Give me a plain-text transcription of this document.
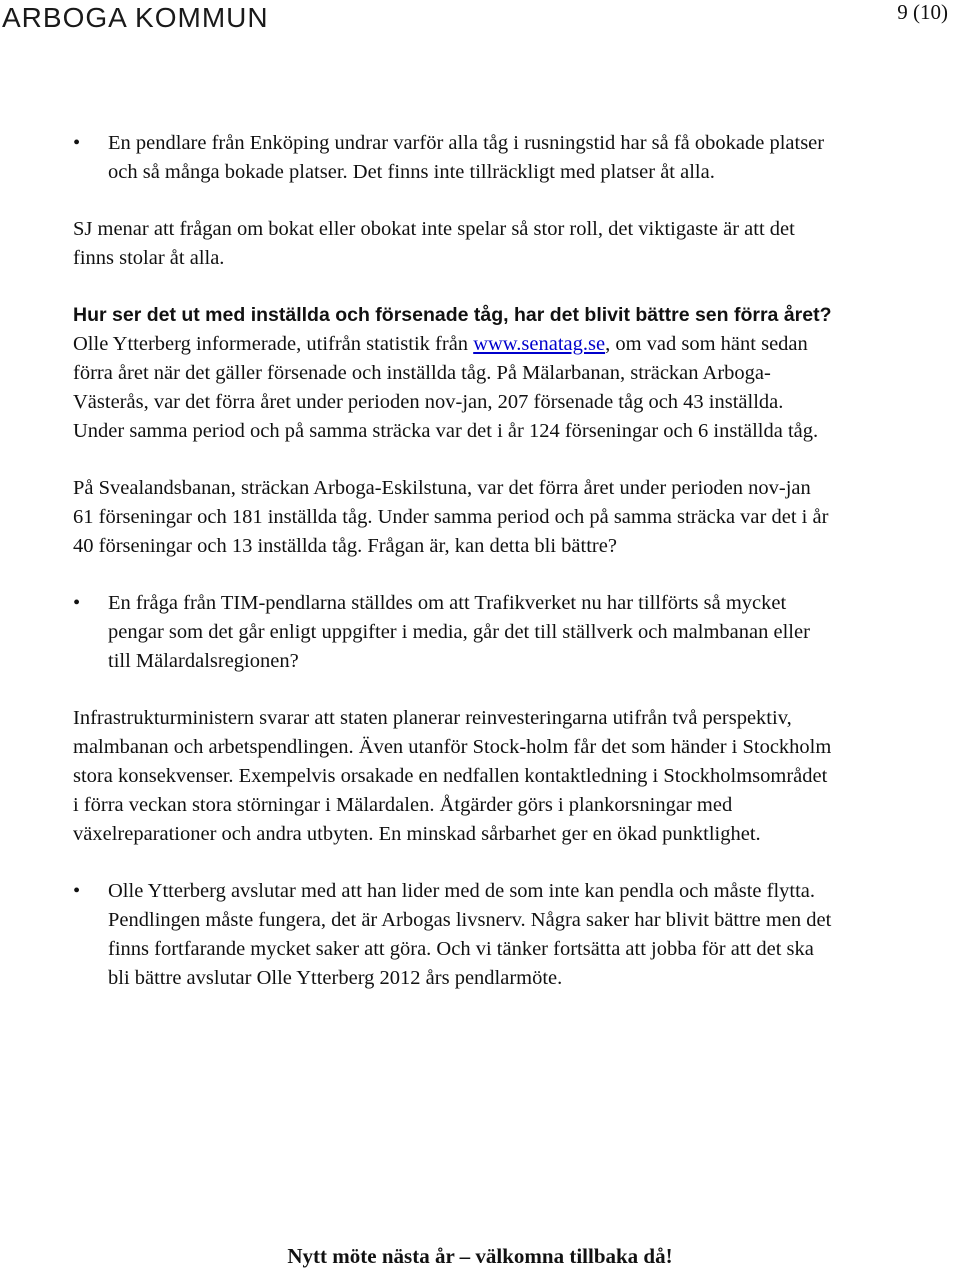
ARBOGA KOMMUN	9 (10)
•	En pendlare från Enköping undrar varför alla tåg i rusningstid har så få obokade platser och så många bokade platser. Det finns inte tillräckligt med platser åt alla.

SJ menar att frågan om bokat eller obokat inte spelar så stor roll, det viktigaste är att det finns stolar åt alla.

Hur ser det ut med inställda och försenade tåg, har det blivit bättre sen förra året?

Olle Ytterberg informerade, utifrån statistik från www.senatag.se, om vad som hänt sedan förra året när det gäller försenade och inställda tåg. På Mälarbanan, sträckan Arboga-Västerås, var det förra året under perioden nov-jan, 207 försenade tåg och 43 inställda. Under samma period och på samma sträcka var det i år 124 förseningar och 6 inställda tåg.

På Svealandsbanan, sträckan Arboga-Eskilstuna, var det förra året under perioden nov-jan 61 förseningar och 181 inställda tåg. Under samma period och på samma sträcka var det i år 40 förseningar och 13 inställda tåg. Frågan är, kan detta bli bättre?

•	En fråga från TIM-pendlarna ställdes om att Trafikverket nu har tillförts så mycket pengar som det går enligt uppgifter i media, går det till ställverk och malmbanan eller till Mälardalsregionen?

Infrastrukturministern svarar att staten planerar reinvesteringarna utifrån två perspektiv, malmbanan och arbetspendlingen. Även utanför Stock-holm får det som händer i Stockholm stora konsekvenser. Exempelvis orsakade en nedfallen kontaktledning i Stockholmsområdet i förra veckan stora störningar i Mälardalen. Åtgärder görs i plankorsningar med växelreparationer och andra utbyten. En minskad sårbarhet ger en ökad punktlighet.

•	Olle Ytterberg avslutar med att han lider med de som inte kan pendla och måste flytta. Pendlingen måste fungera, det är Arbogas livsnerv. Några saker har blivit bättre men det finns fortfarande mycket saker att göra. Och vi tänker fortsätta att jobba för att det ska bli bättre avslutar Olle Ytterberg 2012 års pendlarmöte.
Nytt möte nästa år – välkomna tillbaka då!
